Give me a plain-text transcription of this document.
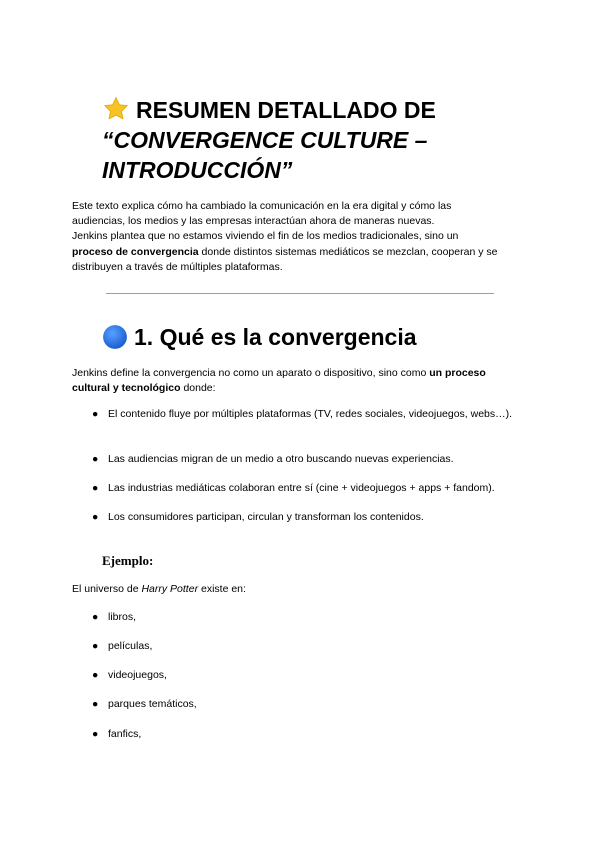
RESUMEN DETALLADO DE
“CONVERGENCE CULTURE –
INTRODUCCIÓN”

Este texto explica cómo ha cambiado la comunicación en la era digital y cómo las
audiencias, los medios y las empresas interactúan ahora de maneras nuevas.
Jenkins plantea que no estamos viviendo el fin de los medios tradicionales, sino un
proceso de convergencia donde distintos sistemas mediáticos se mezclan, cooperan y se
distribuyen a través de múltiples plataformas.

1. Qué es la convergencia

Jenkins define la convergencia no como un aparato o dispositivo, sino como un proceso
cultural y tecnológico donde:

● El contenido fluye por múltiples plataformas (TV, redes sociales, videojuegos, webs…).
● Las audiencias migran de un medio a otro buscando nuevas experiencias.
● Las industrias mediáticas colaboran entre sí (cine + videojuegos + apps + fandom).
● Los consumidores participan, circulan y transforman los contenidos.
Ejemplo:

El universo de Harry Potter existe en:

● libros,
● películas,
● videojuegos,
● parques temáticos,
● fanfics,
